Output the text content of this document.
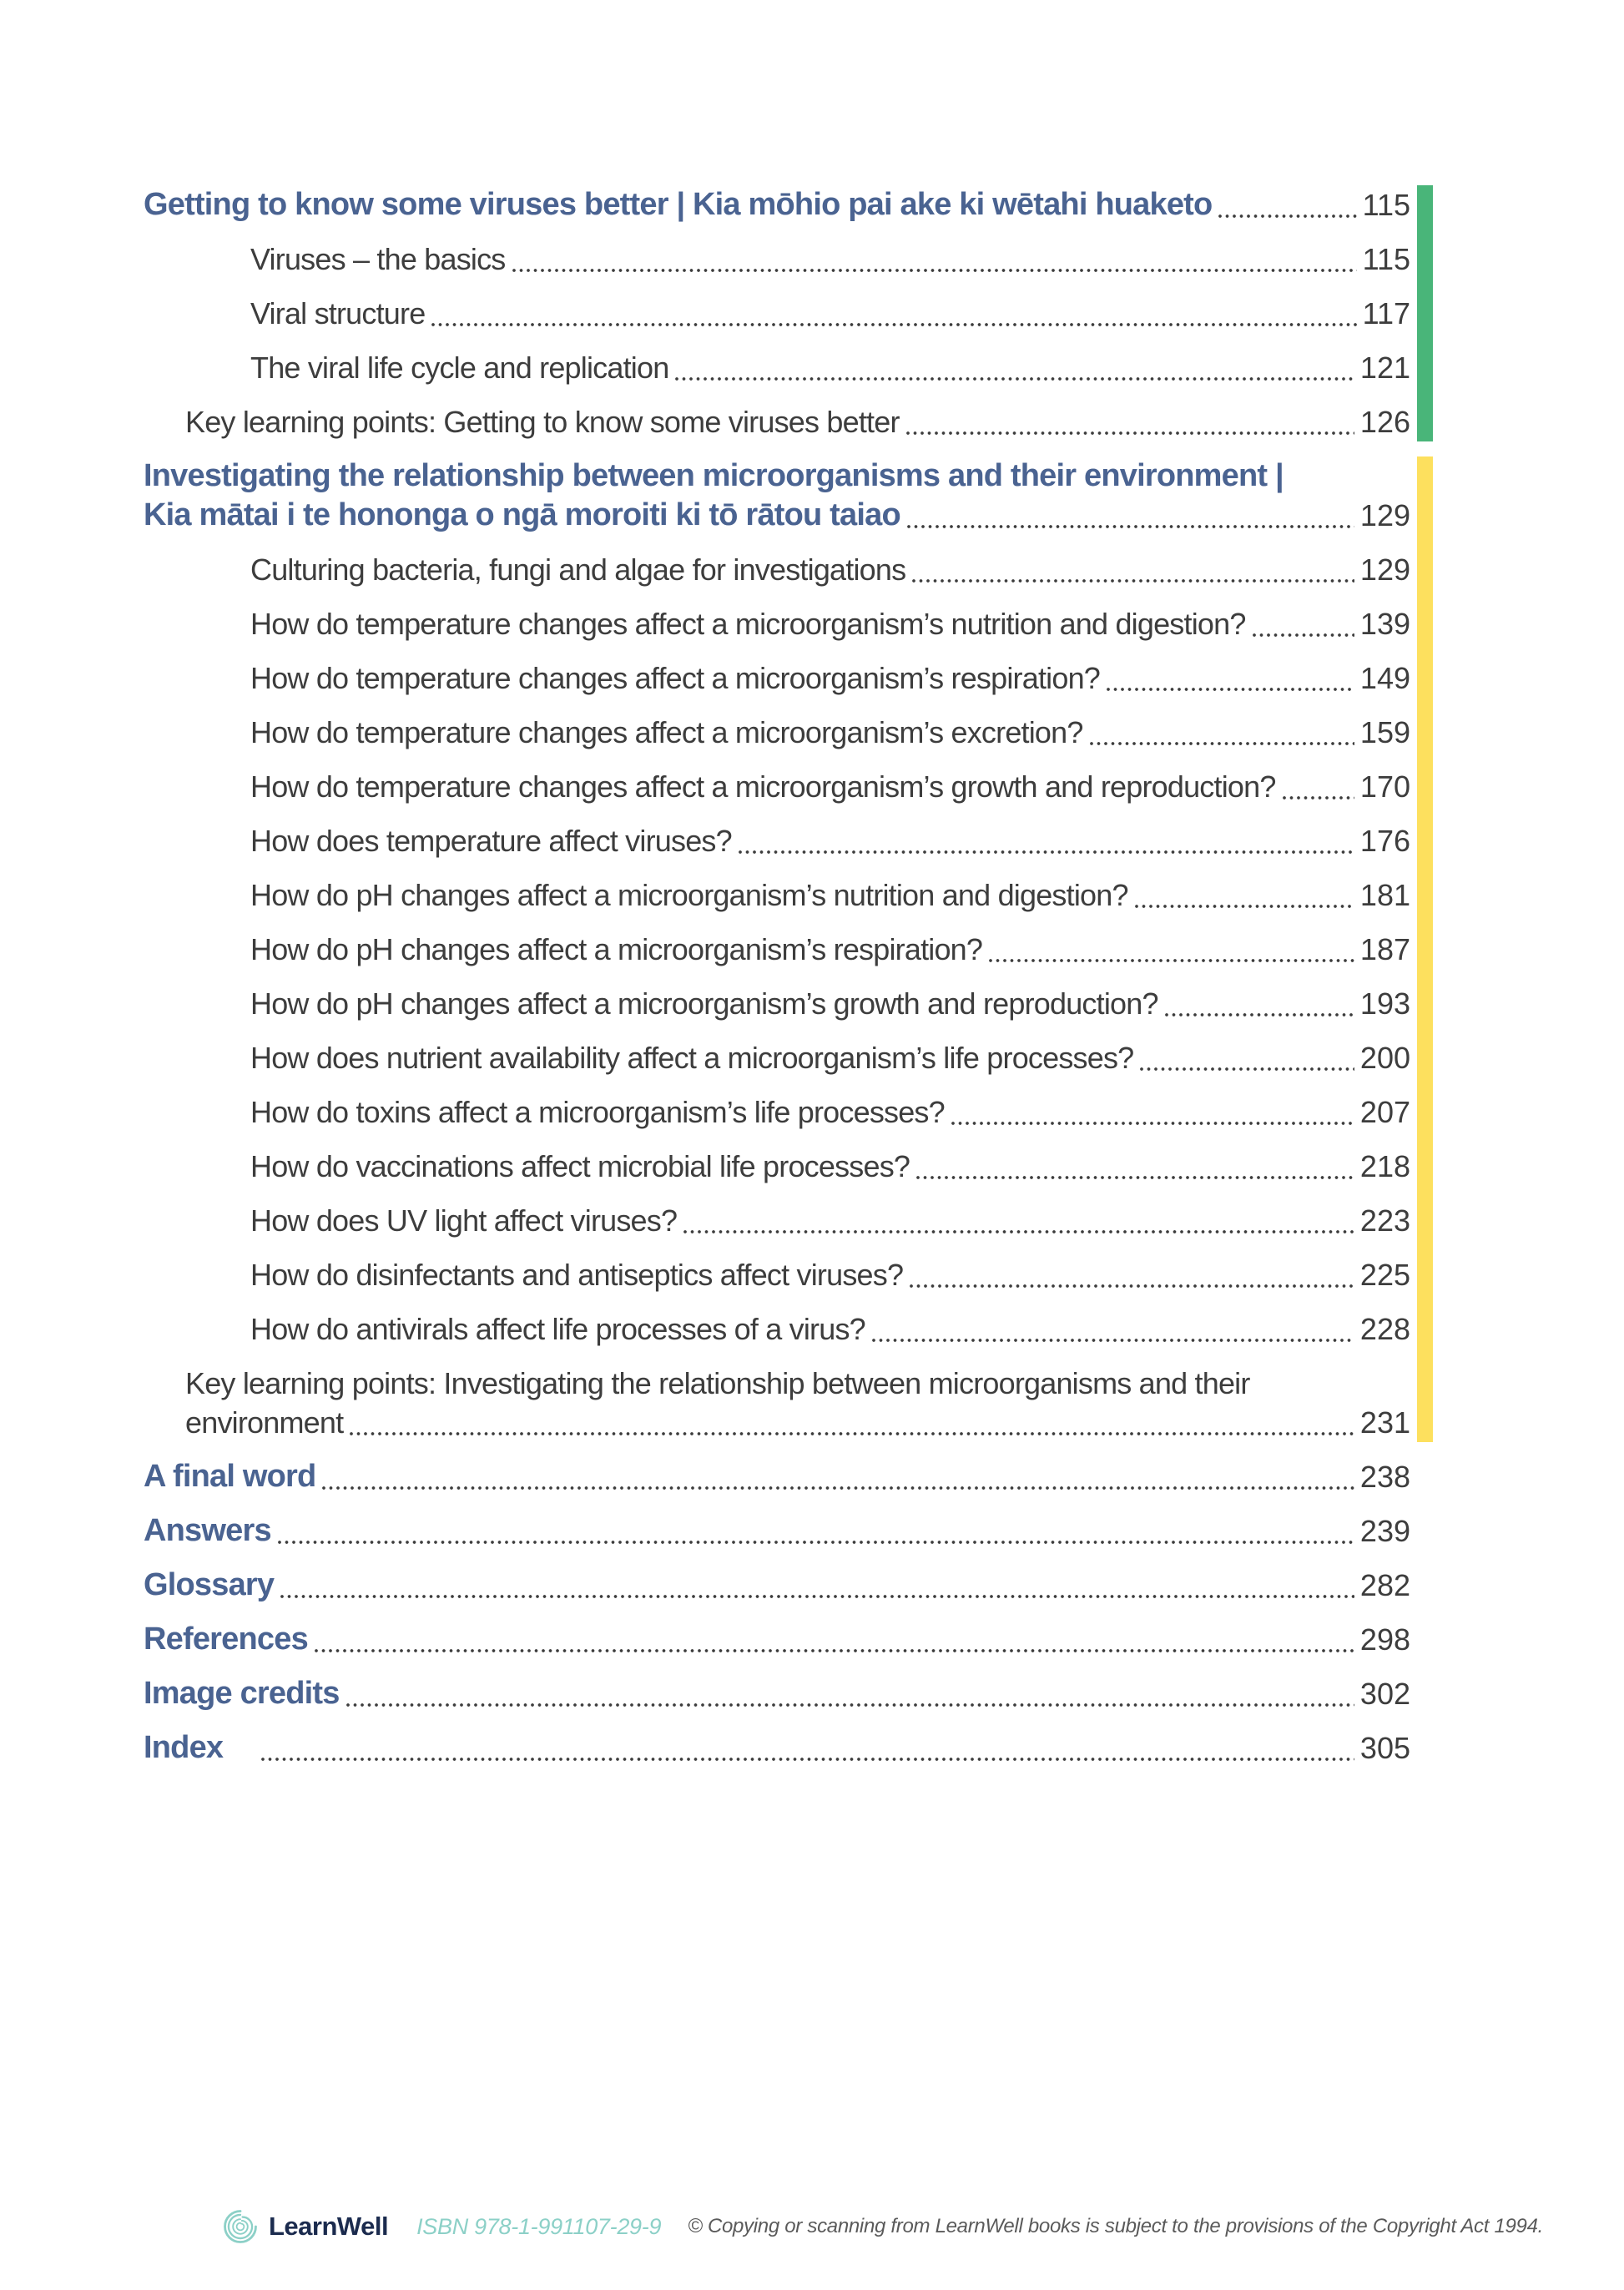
Getting to know some viruses better | Kia mōhio pai ake ki wētahi huaketo	115
Viruses – the basics	115
Viral structure	117
The viral life cycle and replication	121
Key learning points: Getting to know some viruses better	126
Investigating the relationship between microorganisms and their environment |
Kia mātai i te hononga o ngā moroiti ki tō rātou taiao	129
Culturing bacteria, fungi and algae for investigations	129
How do temperature changes affect a microorganism’s nutrition and digestion?	139
How do temperature changes affect a microorganism’s respiration?	149
How do temperature changes affect a microorganism’s excretion?	159
How do temperature changes affect a microorganism’s growth and reproduction?	170
How does temperature affect viruses?	176
How do pH changes affect a microorganism’s nutrition and digestion?	181
How do pH changes affect a microorganism’s respiration?	187
How do pH changes affect a microorganism’s growth and reproduction?	193
How does nutrient availability affect a microorganism’s life processes?	200
How do toxins affect a microorganism’s life processes?	207
How do vaccinations affect microbial life processes?	218
How does UV light affect viruses?	223
How do disinfectants and antiseptics affect viruses?	225
How do antivirals affect life processes of a virus?	228
Key learning points: Investigating the relationship between microorganisms and their
environment	231
A final word	238
Answers	239
Glossary	282
References	298
Image credits	302
Index	305
LearnWell ISBN 978-1-991107-29-9 © Copying or scanning from LearnWell books is subject to the provisions of the Copyright Act 1994.
